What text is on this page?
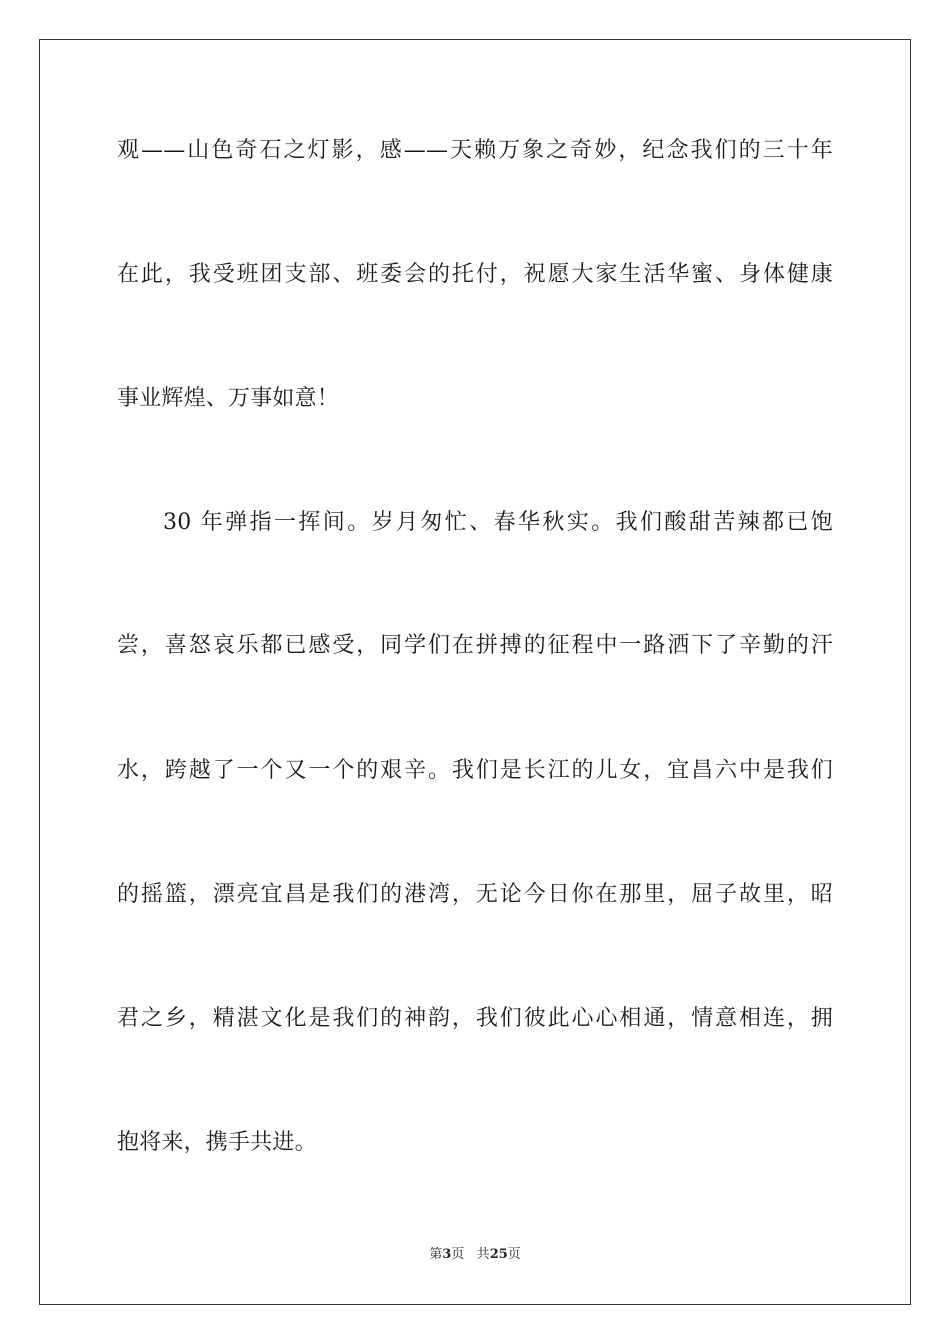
观——山色奇石之灯影，感——天赖万象之奇妙，纪念我们的三十年
在此，我受班团支部、班委会的托付，祝愿大家生活华蜜、身体健康
事业辉煌、万事如意！
30 年弹指一挥间。岁月匆忙、春华秋实。我们酸甜苦辣都已饱
尝，喜怒哀乐都已感受，同学们在拼搏的征程中一路洒下了辛勤的汗
水，跨越了一个又一个的艰辛。我们是长江的儿女，宜昌六中是我们
的摇篮，漂亮宜昌是我们的港湾，无论今日你在那里，屈子故里，昭
君之乡，精湛文化是我们的神韵，我们彼此心心相通，情意相连，拥
抱将来，携手共进。
第3页 共25页
